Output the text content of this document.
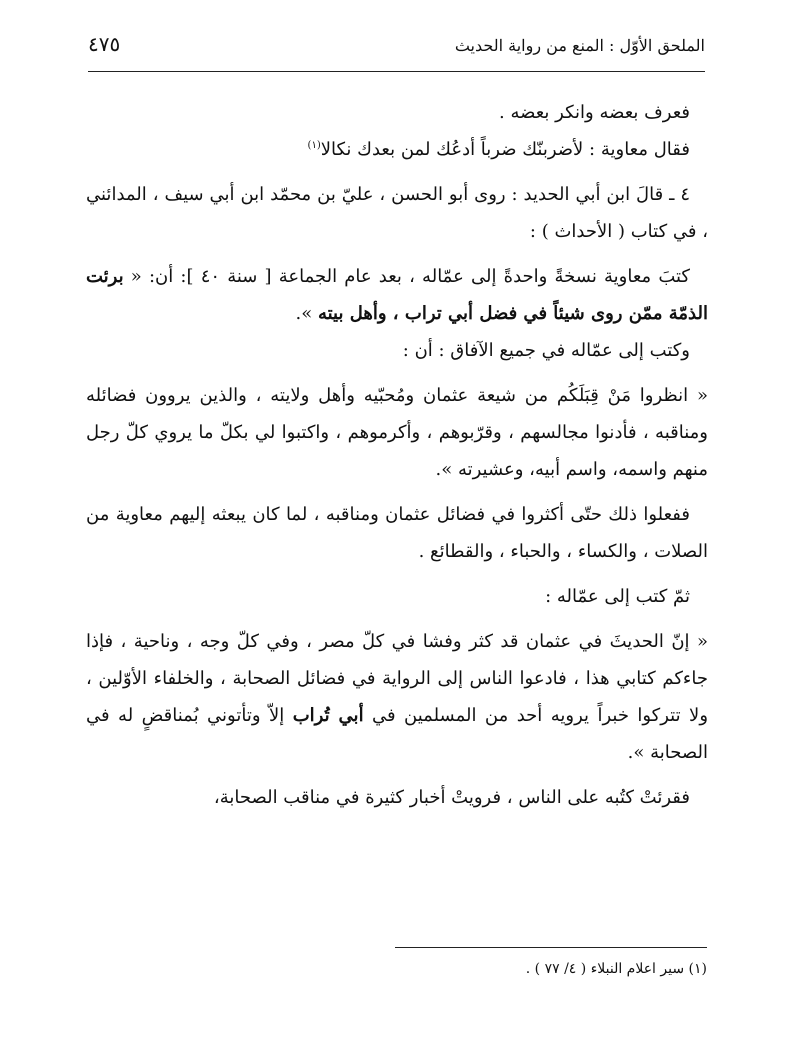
الملحق الأوّل : المنع من رواية الحديث
٤٧٥

فعرف بعضه وانكر بعضه .

فقال معاوية : لأضربنّك ضرباً أدعُك لمن بعدك نكالا$^{(١)}$

٤ ـ قالَ ابن أبي الحديد : روى أبو الحسن ، عليّ بن محمّد ابن أبي سيف ، المدائني ، في كتاب ( الأحداث ) :

كتبَ معاوية نسخةً واحدةً إلى عمّاله ، بعد عام الجماعة [ سنة ٤٠ ]: أن: « برئت الذمّة ممّن روى شيئاً في فضل أبي تراب ، وأهل بيته ».

وكتب إلى عمّاله في جميع الآفاق : أن :

« انظروا مَنْ قِبَلَكُم من شيعة عثمان ومُحبّيه وأهل ولايته ، والذين يروون فضائله ومناقبه ، فأدنوا مجالسهم ، وقرّبوهم ، وأكرموهم ، واكتبوا لي بكلّ ما يروي كلّ رجل منهم واسمه، واسم أبيه، وعشيرته ».

ففعلوا ذلك حتّى أكثروا في فضائل عثمان ومناقبه ، لما كان يبعثه إليهم معاوية من الصلات ، والكساء ، والحباء ، والقطائع .

ثمّ كتب إلى عمّاله :

« إنّ الحديثَ في عثمان قد كثر وفشا في كلّ مصر ، وفي كلّ وجه ، وناحية ، فإذا جاءكم كتابي هذا ، فادعوا الناس إلى الرواية في فضائل الصحابة ، والخلفاء الأوّلين ، ولا تتركوا خبراً يرويه أحد من المسلمين في أبي تُراب إلاّ وتأتوني بُمناقضٍ له في الصحابة ».

فقرئتْ كتُبه على الناس ، فرويتْ أخبار كثيرة في مناقب الصحابة،

(١) سير اعلام النبلاء ( ٤/ ٧٧ ) .
